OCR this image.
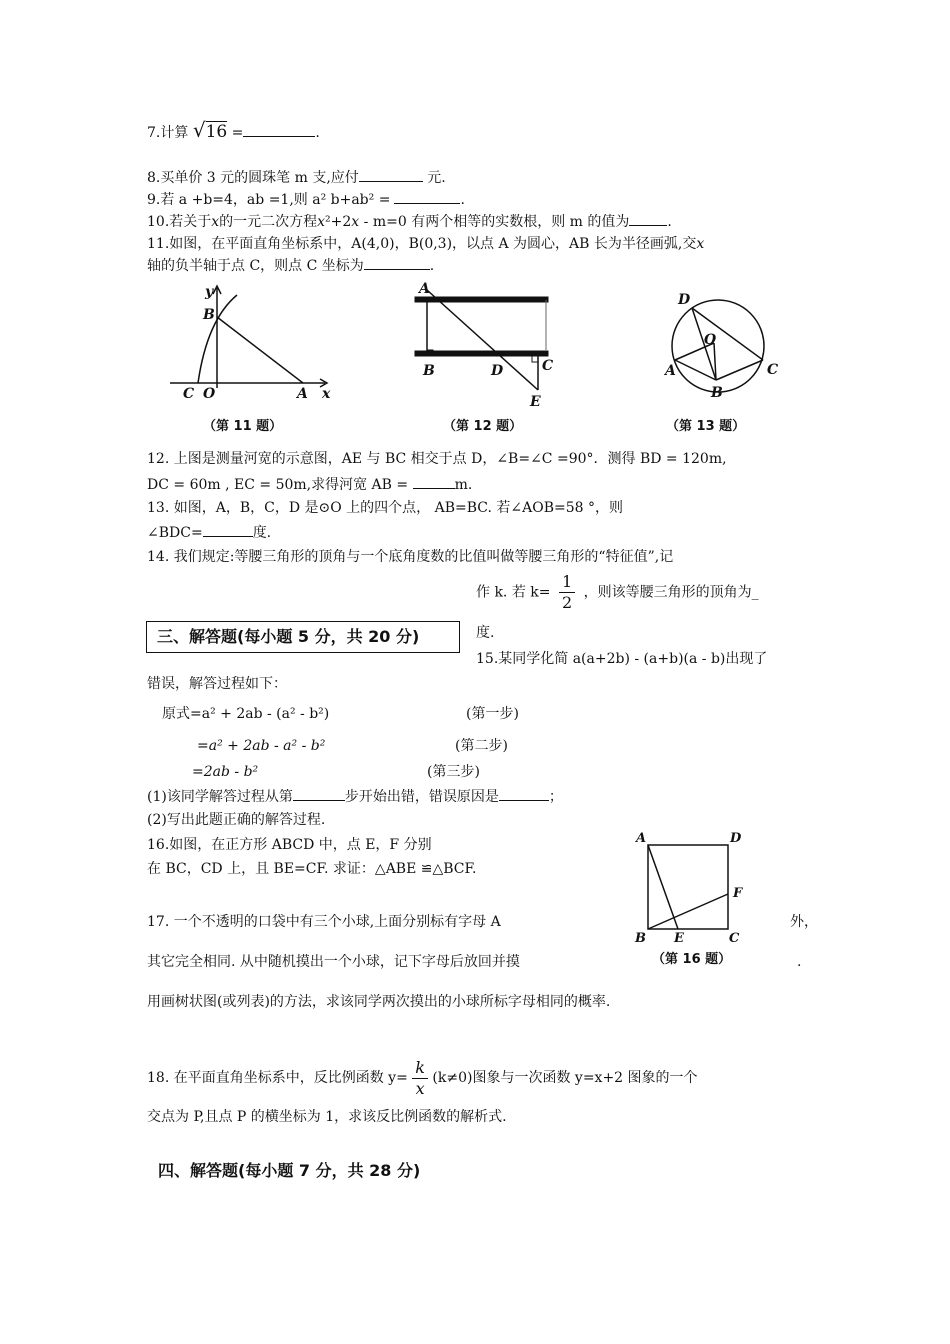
7.计算 √16 =	.
8.买单价 3 元的圆珠笔 m 支,应付	元.
9.若 a +b=4，ab =1,则 a² b+ab² =	.
10.若关于𝑥的一元二次方程𝑥²+2𝑥 - m=0 有两个相等的实数根，则 m 的值为	.
11.如图，在平面直角坐标系中，A(4,0)，B(0,3)，以点 A 为圆心，AB 长为半径画弧,交𝑥
轴的负半轴于点 C，则点 C 坐标为	.
y
B
C O	A x
（第 11 题）
A
B	D	C
E
（第 12 题）
D
O
A
B
C
（第 13 题）
12. 上图是测量河宽的示意图，AE 与 BC 相交于点 D，∠B=∠C =90°．测得 BD = 120m,
DC = 60m , EC = 50m,求得河宽 AB =	m.
13. 如图，A，B，C，D 是⊙O 上的四个点， AB=BC. 若∠AOB=58 °，则
∠BDC=	度.
14. 我们规定:等腰三角形的顶角与一个底角度数的比值叫做等腰三角形的“特征值”,记
作 k. 若 $k= \frac{1}{2}$ ，则该等腰三角形的顶角为_
度.
三、解答题(每小题 5 分，共 20 分)
15.某同学化简 a(a+2b) - (a+b)(a - b)出现了
错误，解答过程如下：
原式=a² + 2ab - (a² - b²)	(第一步)
=a² + 2ab - a² - b²	(第二步)
=2ab - b²	(第三步)
(1)该同学解答过程从第	步开始出错，错误原因是	；
(2)写出此题正确的解答过程.
16.如图，在正方形 ABCD 中，点 E，F 分别
在 BC，CD 上，且 BE=CF. 求证：△ABE ≌△BCF.
17. 一个不透明的口袋中有三个小球,上面分别标有字母 A	外，
其它完全相同. 从中随机摸出一个小球，记下字母后放回并摸	.
用画树状图(或列表)的方法，求该同学两次摸出的小球所标字母相同的概率.
A	D
F
B E	C
（第 16 题）
18. 在平面直角坐标系中，反比例函数 $y= \frac{k}{x} (k\ne 0)$图象与一次函数 y=x+2 图象的一个
交点为 P,且点 P 的横坐标为 1，求该反比例函数的解析式.
四、解答题(每小题 7 分，共 28 分)
